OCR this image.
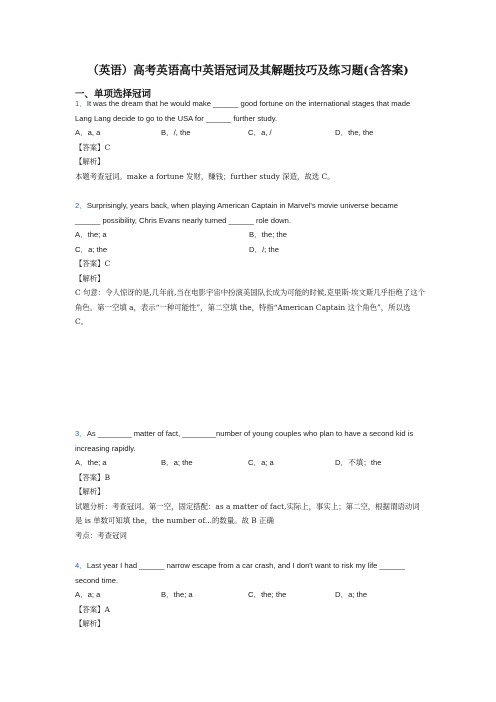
（英语）高考英语高中英语冠词及其解题技巧及练习题(含答案)
一、单项选择冠词

1．It was the dream that he would make ______ good fortune on the international stages that made Lang Lang decide to go to the USA for ______ further study.

A．a, a	B．/, the	C．a, /	D．the, the

【答案】C

【解析】

本题考查冠词。make a fortune 发财，赚钱；further study 深造，故选 C。

2．Surprisingly, years back, when playing American Captain in Marvel's movie universe became ______ possibility, Chris Evans nearly turned ______ role down.

A．the; a	B．the; the
C．a; the	D．/; the

【答案】C

【解析】

C 句意：令人惊讶的是,几年前,当在电影宇宙中扮演美国队长成为可能的时候,克里斯·埃文斯几乎拒绝了这个角色。第一空填 a，表示“一种可能性”，第二空填 the，特指“American Captain 这个角色”，所以选 C。

3．As ________ matter of fact, ________number of young couples who plan to have a second kid is increasing rapidly.

A．the; a	B．a; the	C．a; a	D．不填；the

【答案】B

【解析】

试题分析：考查冠词。第一空，固定搭配：as a matter of fact,实际上，事实上；第二空，根据谓语动词是 is 单数可知填 the，the number of...的数量。故 B 正确

考点：考查冠词

4．Last year I had ______ narrow escape from a car crash, and I don't want to risk my life ______ second time.

A．a; a	B．the; a	C．the; the	D．a; the

【答案】A

【解析】
